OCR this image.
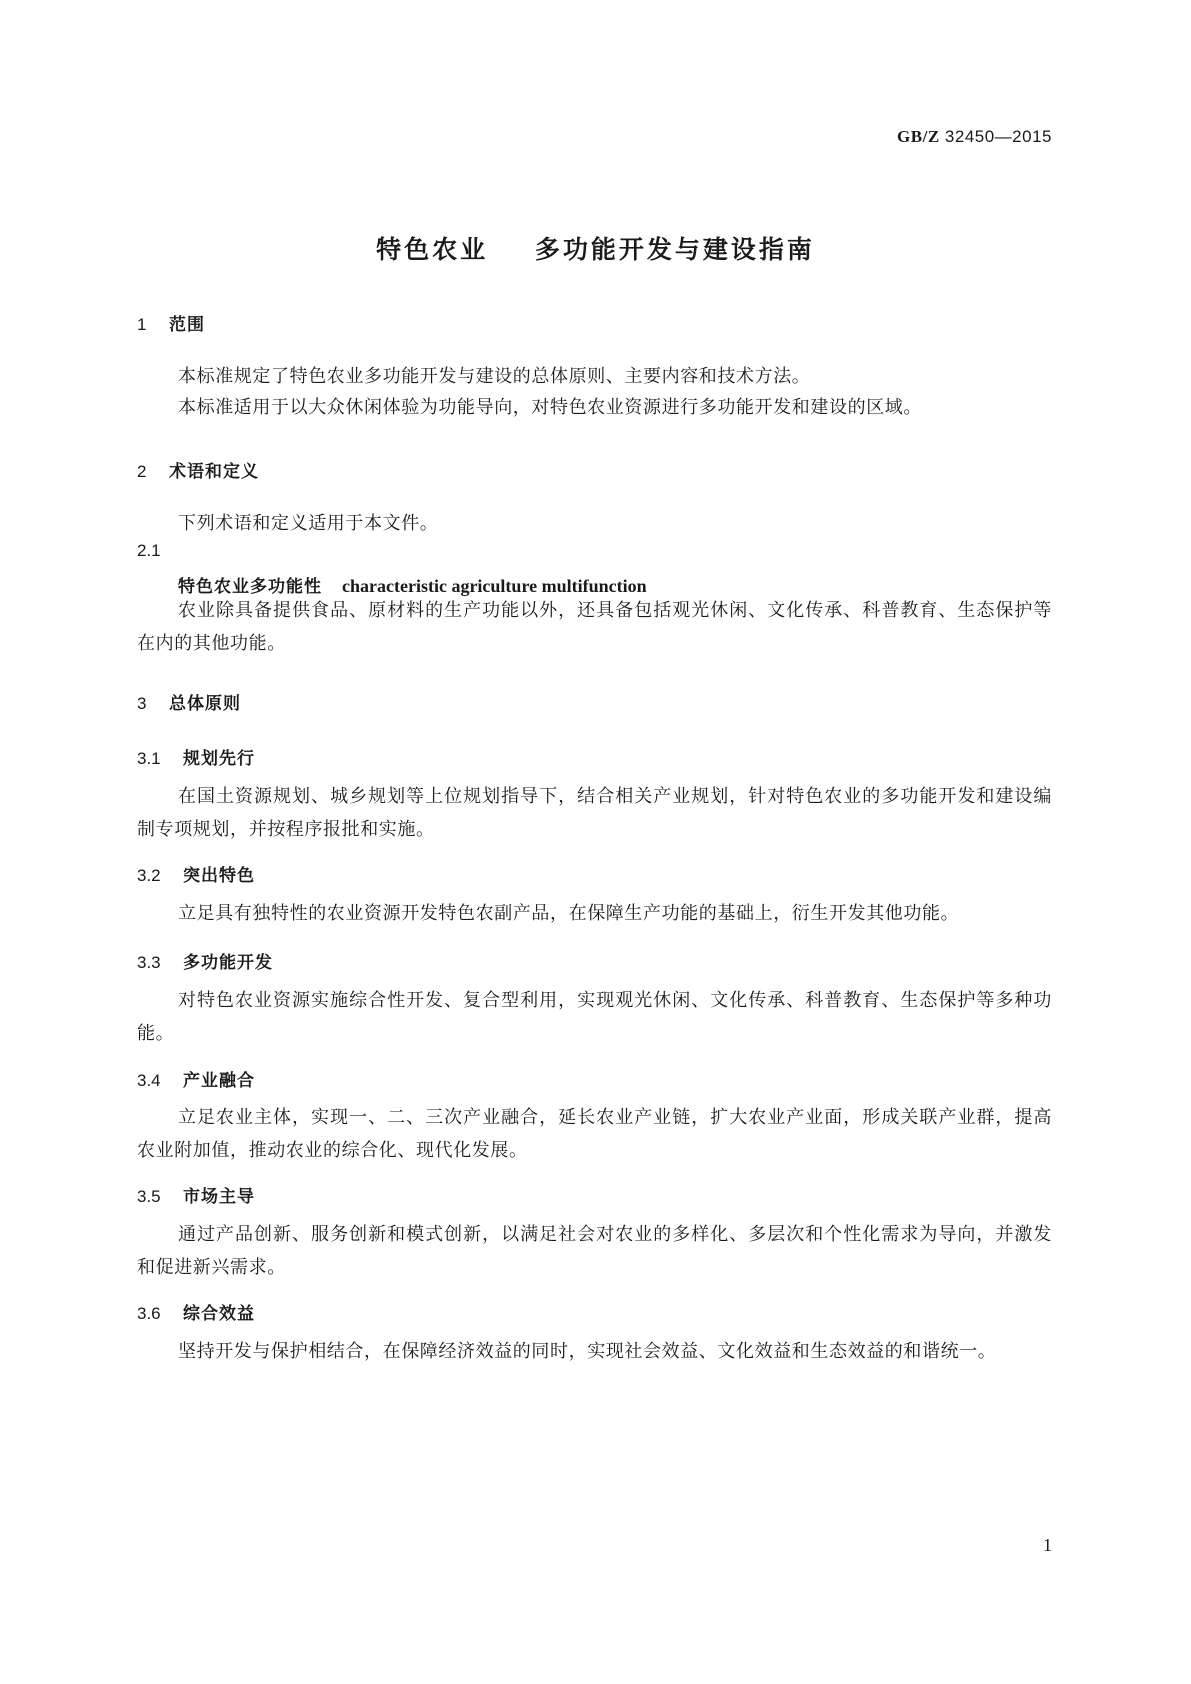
GB/Z 32450—2015
特色农业    多功能开发与建设指南
1 范围
本标准规定了特色农业多功能开发与建设的总体原则、主要内容和技术方法。
本标准适用于以大众休闲体验为功能导向，对特色农业资源进行多功能开发和建设的区域。
2 术语和定义
下列术语和定义适用于本文件。
2.1
特色农业多功能性 characteristic agriculture multifunction
农业除具备提供食品、原材料的生产功能以外，还具备包括观光休闲、文化传承、科普教育、生态保护等在内的其他功能。
3 总体原则
3.1 规划先行
在国土资源规划、城乡规划等上位规划指导下，结合相关产业规划，针对特色农业的多功能开发和建设编制专项规划，并按程序报批和实施。
3.2 突出特色
立足具有独特性的农业资源开发特色农副产品，在保障生产功能的基础上，衍生开发其他功能。
3.3 多功能开发
对特色农业资源实施综合性开发、复合型利用，实现观光休闲、文化传承、科普教育、生态保护等多种功能。
3.4 产业融合
立足农业主体，实现一、二、三次产业融合，延长农业产业链，扩大农业产业面，形成关联产业群，提高农业附加值，推动农业的综合化、现代化发展。
3.5 市场主导
通过产品创新、服务创新和模式创新，以满足社会对农业的多样化、多层次和个性化需求为导向，并激发和促进新兴需求。
3.6 综合效益
坚持开发与保护相结合，在保障经济效益的同时，实现社会效益、文化效益和生态效益的和谐统一。
1
